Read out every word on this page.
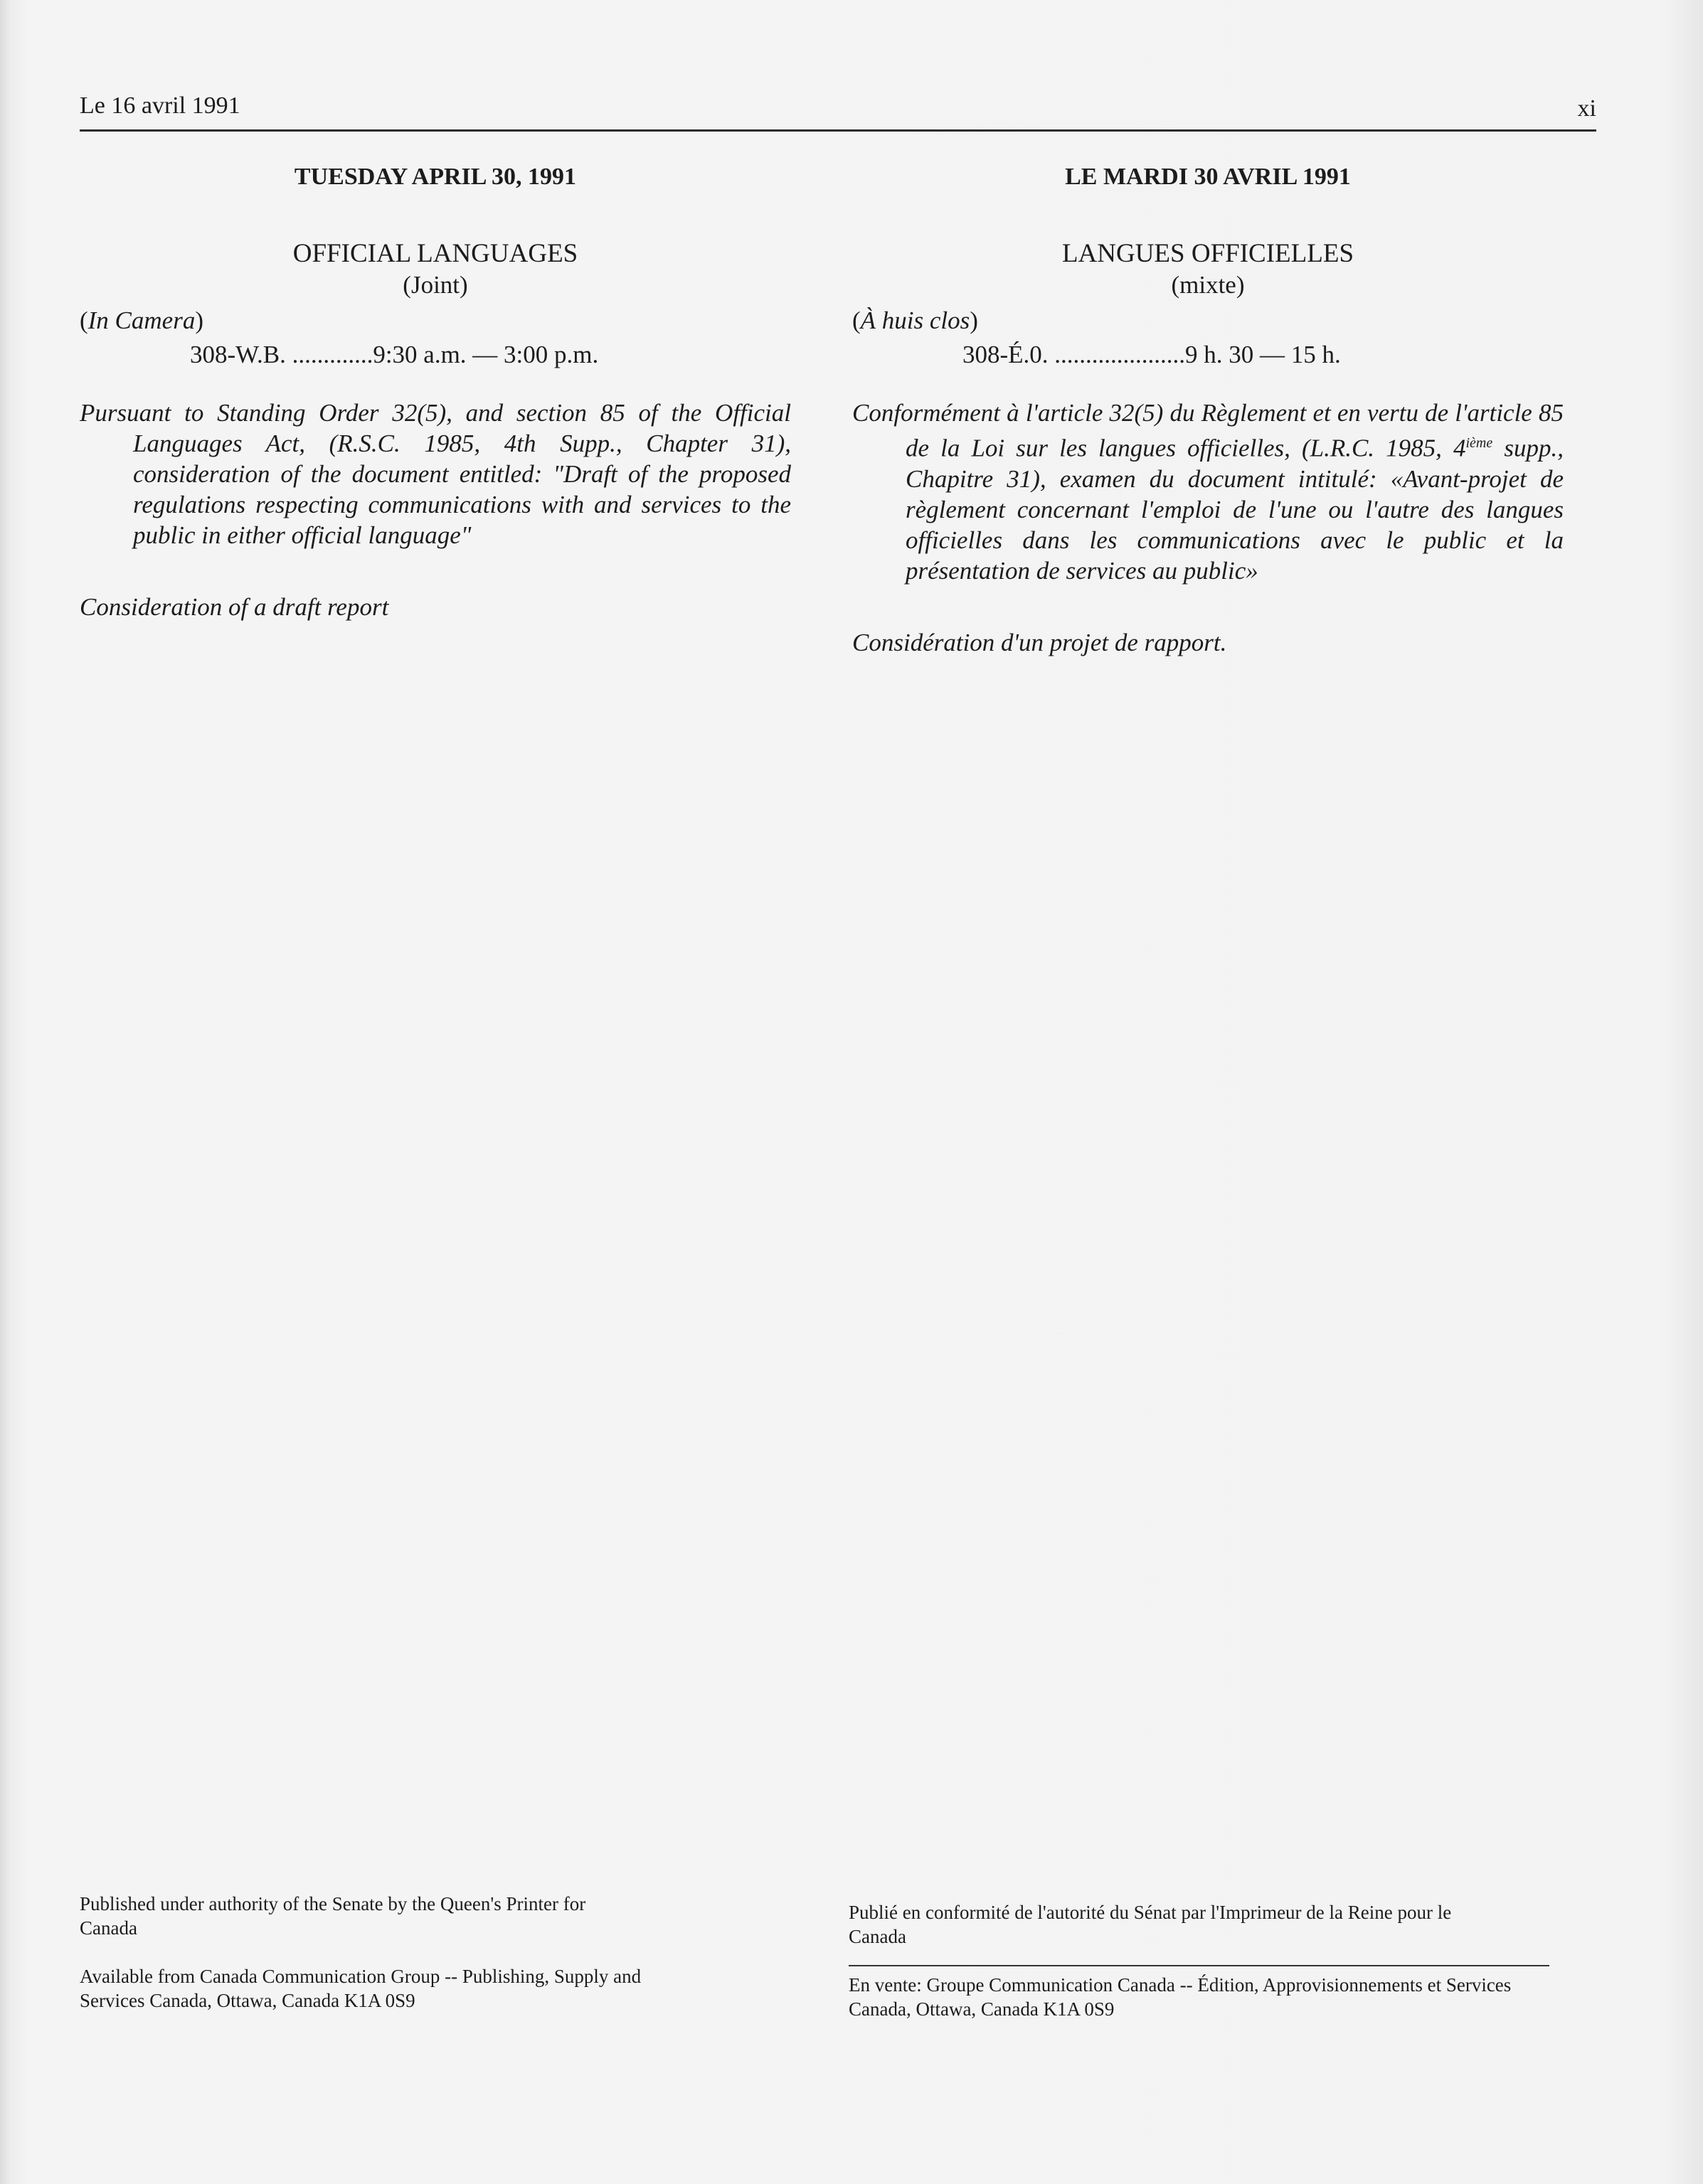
Le 16 avril 1991	xi
TUESDAY APRIL 30, 1991
OFFICIAL LANGUAGES
(Joint)
(In Camera)
308-W.B. .............9:30 a.m. — 3:00 p.m.
Pursuant to Standing Order 32(5), and section 85 of the Official Languages Act, (R.S.C. 1985, 4th Supp., Chapter 31), consideration of the document entitled: "Draft of the proposed regulations respecting communications with and services to the public in either official language"
Consideration of a draft report
LE MARDI 30 AVRIL 1991
LANGUES OFFICIELLES
(mixte)
(À huis clos)
308-É.0. .....................9 h. 30 — 15 h.
Conformément à l'article 32(5) du Règlement et en vertu de l'article 85 de la Loi sur les langues officielles, (L.R.C. 1985, 4ième supp., Chapitre 31), examen du document intitulé: «Avant-projet de règlement concernant l'emploi de l'une ou l'autre des langues officielles dans les communications avec le public et la présentation de services au public»
Considération d'un projet de rapport.
Published under authority of the Senate by the Queen's Printer for Canada
Available from Canada Communication Group -- Publishing, Supply and Services Canada, Ottawa, Canada K1A 0S9
Publié en conformité de l'autorité du Sénat par l'Imprimeur de la Reine pour le Canada
En vente: Groupe Communication Canada -- Édition, Approvisionnements et Services Canada, Ottawa, Canada K1A 0S9
